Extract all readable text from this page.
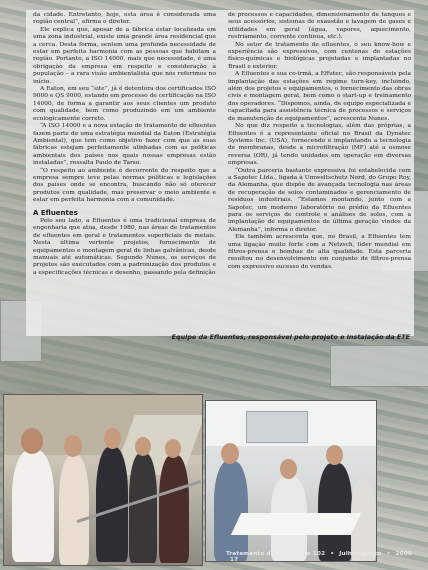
da cidade. Entretanto, hoje, esta área é considerada uma região central”, afirma o diretor.

Ele explica que, apesar de a fábrica estar localizada em uma zona industrial, existe uma grande área residencial que a cerca. Desta forma, sentem uma profunda necessidade de estar em perfeita harmonia com as pessoas que habitam a região. Portanto, a ISO 14000, mais que necessidade, é uma obrigação da empresa em respeito e consideração à população – a rara visão ambientalista que nós referimos no início.

A Eaton, em seu “site”, já é detentora dos certificados ISO 9000 e QS 9000, estando em processo de certificação na ISO 14000, de forma a garantir aos seus clientes um produto com qualidade, bem como produzindo em um ambiente ecologicamente correto.

“A ISO 14000 e a nova estação de tratamento de efluentes fazem parte de uma estratégia mundial da Eaton (Estratégia Ambiental), que tem como objetivo fazer com que as suas fábricas estejam perfeitamente alinhadas com as políticas ambientais dos países nos quais nossas empresas estão instaladas”, ressalta Paulo de Tarso.

“O respeito ao ambiente é decorrente do respeito que a empresa sempre teve pelas normas políticas e legislações dos países onde se encontra, buscando não só oferecer produtos com qualidade, mas preservar o meio ambiente e estar em perfeita harmonia com a comunidade.

A Efluentes

Pelo seu lado, a Efluentes é uma tradicional empresa de engenharia que atua, desde 1980, nas áreas de tratamentos de efluentes em geral e tratamentos superficiais de metais. Nesta última vertente projetos, fornecimento de equipamentos e montagem geral de linhas galvânicas, desde manuais até automáticas. Segundo Nunes, os serviços de projetos são executados com a padronização dos produtos e a especificações técnicas e desenho, passando pela definição

de processos e capacidades, dimensionamento de tanques e seus acessórios, sistemas de exaustão e lavagem de gases e utilidades em geral (água, vapores, aquecimento, resfriamento, corrente contínua, etc.).

No setor de tratamento de efluentes, o seu know-how e experiência são expressivos, com centenas de estações físico-químicas e biológicas projetadas e implantadas no Brasil e exterior.

A Efluentes e sua co-irmã, a Effutec, são responsáveis pela implantação das estações em regime turn-key, incluindo, além dos projetos e equipamentos, o fornecimento das obras civis e montagem geral, bem como o start-up e treinamento dos operadores. “Dispomos, ainda, de equipe especializada e capacitada para assistência técnica de processos e serviços de manutenção de equipamentos”, acrescenta Nunes.

No que diz respeito a tecnologias, além das próprias, a Efluentes é a representante oficial no Brasil da Dynatec Systems Inc. (USA), fornecendo e implantando a tecnologia de membranas, desde a microfiltração (MF) até a osmose reversa (OR), já tendo unidades em operação em diversas empresas.

“Outra parceria bastante expressiva foi estabelecida com a Sapotec Ltda., ligada à Umweltschutz Nord, do Grupo Roy, da Alemanha, que dispõe de avançada tecnologia nas áreas de recuperação de solos contaminados e gerenciamento de resíduos industriais. “Estamos montando, junto com a Sapotec, um moderno laboratório no prédio da Efluentes para os serviços de controle e análises de solos, com a implantação de equipamentos de última geração vindos da Alemanha”, informa o diretor.

Ele também acrescenta que, no Brasil, a Efluentes tem uma ligação muito forte com a Netzsch, líder mundial em filtros-prensa e bombas de alta qualidade. Esta parceria resultou no desenvolvimento em conjunto de filtros-prensa com expressivo sucesso de vendas.

Equipe da Efluentes, responsável pelo projeto e instalação da ETE
Tratamento de Superfície 102 • Julho/Agosto • 2000 17
